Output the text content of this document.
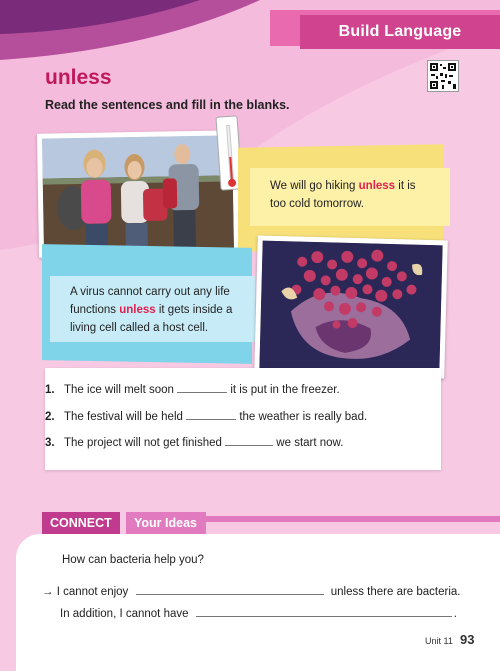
Build Language
unless
Read the sentences and fill in the blanks.
We will go hiking unless it is too cold tomorrow.
A virus cannot carry out any life functions unless it gets inside a living cell called a host cell.
1. The ice will melt soon	it is put in the freezer.
2. The festival will be held	the weather is really bad.
3. The project will not get finished	we start now.
CONNECT Your Ideas
How can bacteria help you?
→ I cannot enjoy	unless there are bacteria.
In addition, I cannot have	.
Unit 11 93
